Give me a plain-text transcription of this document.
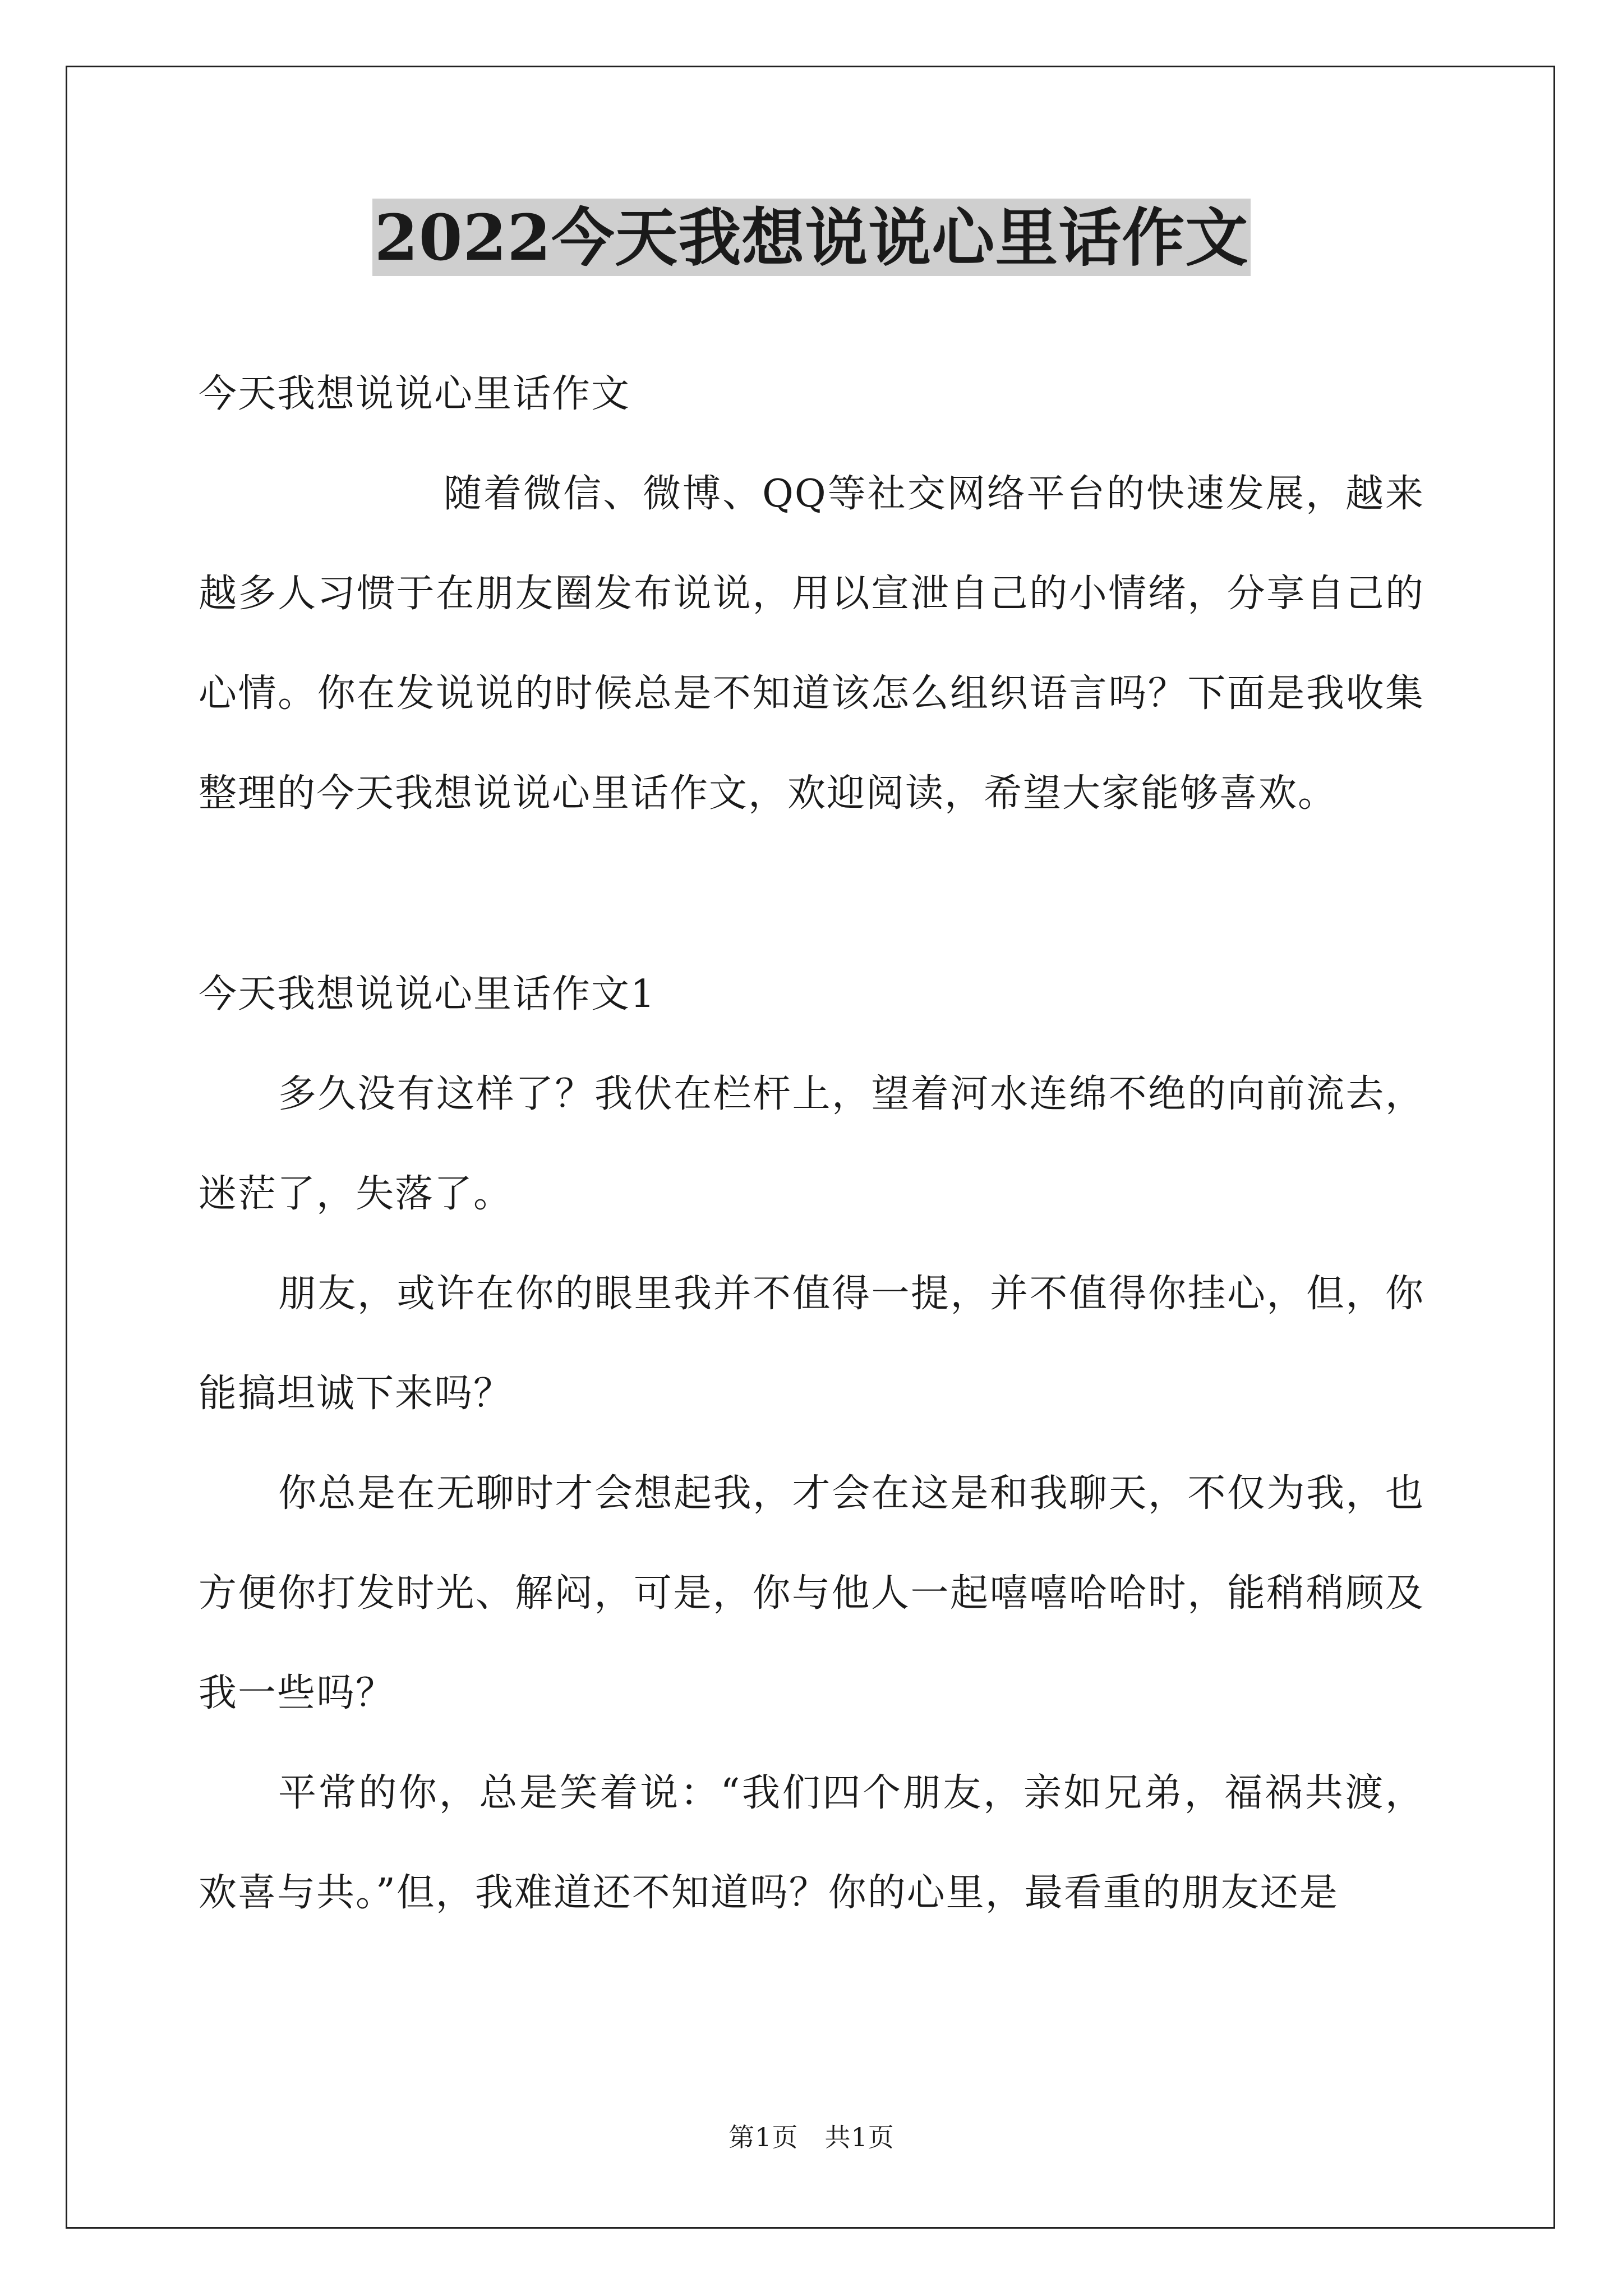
2022今天我想说说心里话作文

今天我想说说心里话作文

随着微信、微博、QQ等社交网络平台的快速发展，越来越多人习惯于在朋友圈发布说说，用以宣泄自己的小情绪，分享自己的心情。你在发说说的时候总是不知道该怎么组织语言吗？下面是我收集整理的今天我想说说心里话作文，欢迎阅读，希望大家能够喜欢。

今天我想说说心里话作文1

多久没有这样了？我伏在栏杆上，望着河水连绵不绝的向前流去，迷茫了，失落了。

朋友，或许在你的眼里我并不值得一提，并不值得你挂心，但，你能搞坦诚下来吗？

你总是在无聊时才会想起我，才会在这是和我聊天，不仅为我，也方便你打发时光、解闷，可是，你与他人一起嘻嘻哈哈时，能稍稍顾及我一些吗？

平常的你，总是笑着说：“我们四个朋友，亲如兄弟，福祸共渡，欢喜与共。”但，我难道还不知道吗？你的心里，最看重的朋友还是

第1页　共1页
